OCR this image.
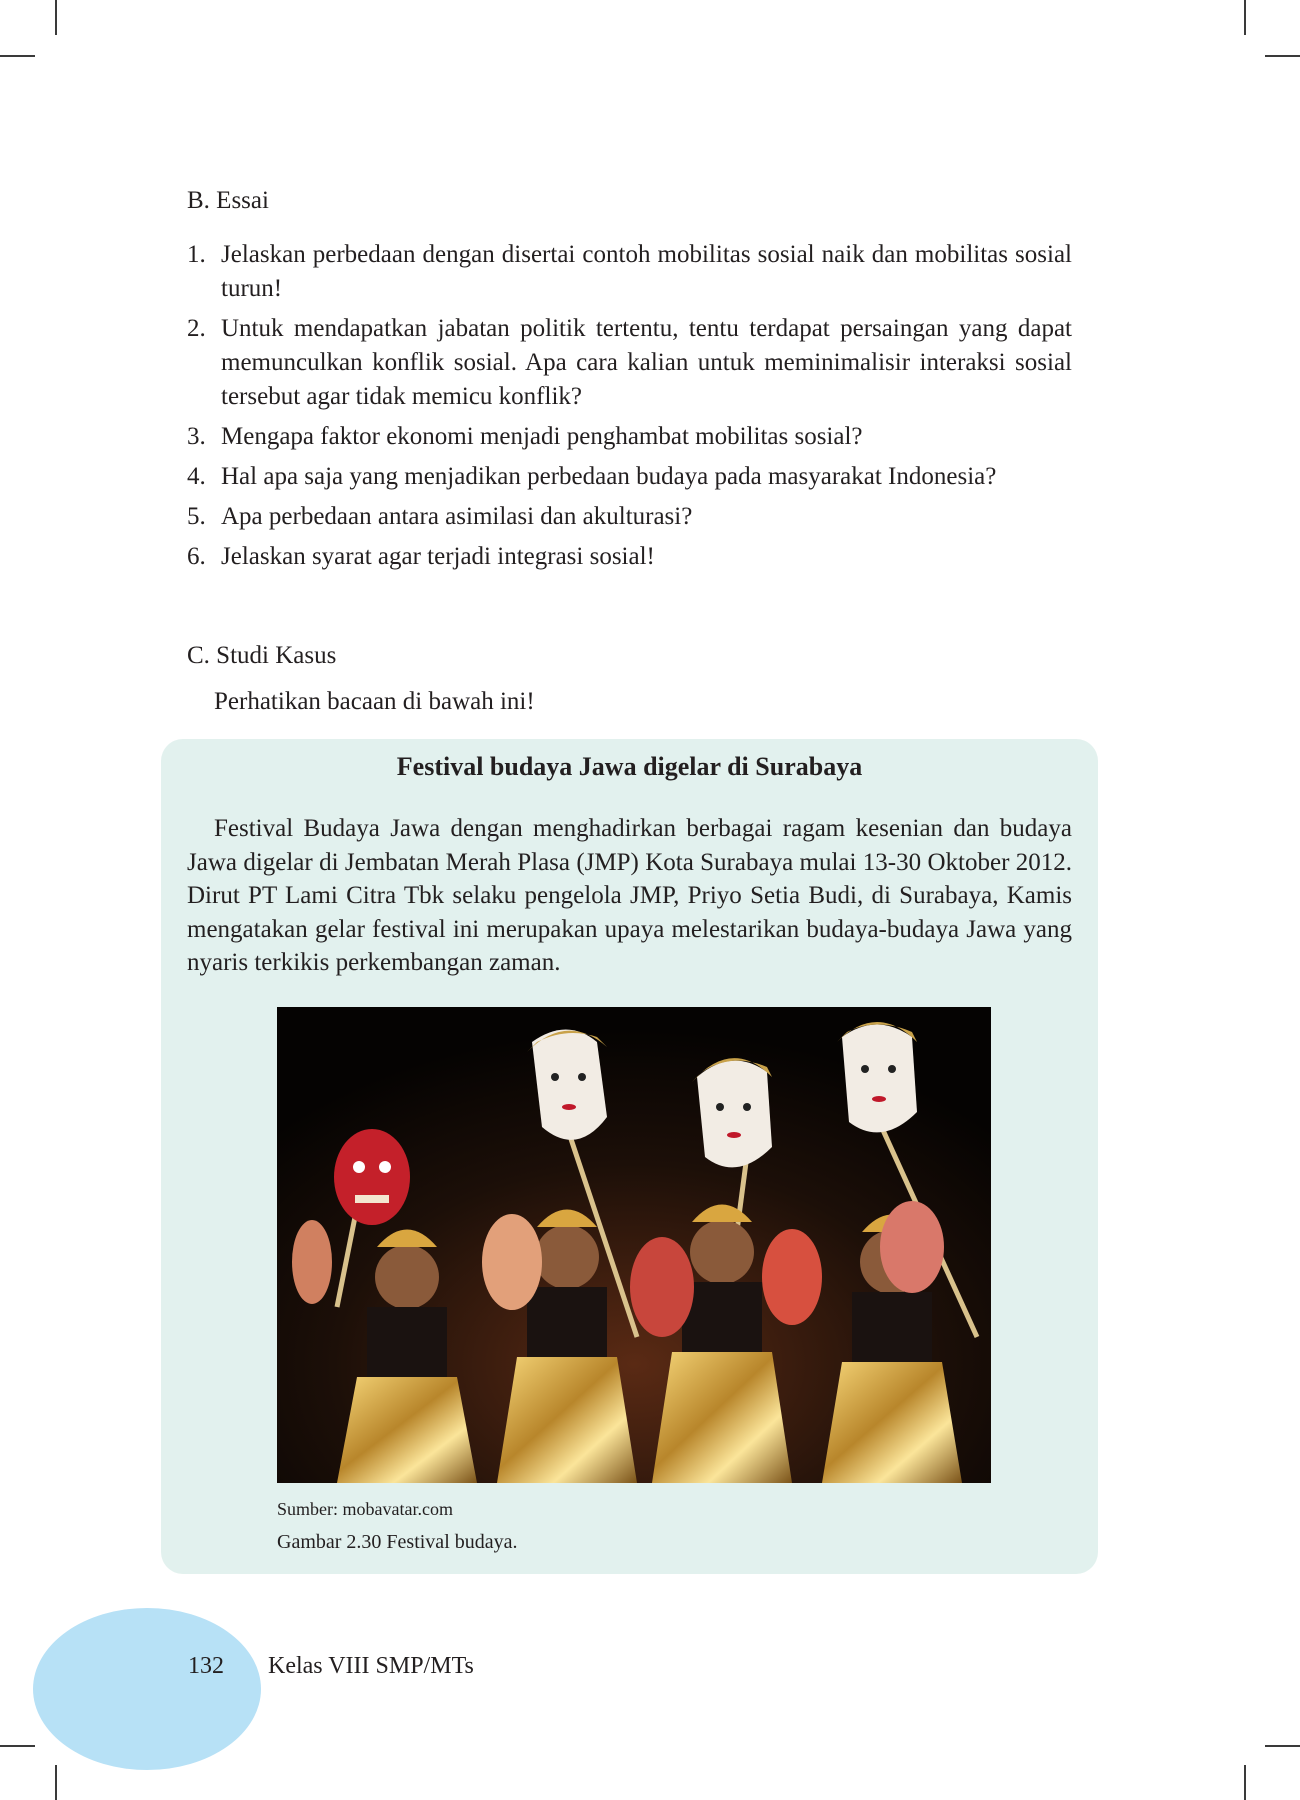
B. Essai
1. Jelaskan perbedaan dengan disertai contoh mobilitas sosial naik dan mobilitas sosial turun!
2. Untuk mendapatkan jabatan politik tertentu, tentu terdapat persaingan yang dapat memunculkan konflik sosial. Apa cara kalian untuk meminimalisir interaksi sosial tersebut agar tidak memicu konflik?
3. Mengapa faktor ekonomi menjadi penghambat mobilitas sosial?
4. Hal apa saja yang menjadikan perbedaan budaya pada masyarakat Indonesia?
5. Apa perbedaan antara asimilasi dan akulturasi?
6. Jelaskan syarat agar terjadi integrasi sosial!
C. Studi Kasus

Perhatikan bacaan di bawah ini!

Festival budaya Jawa digelar di Surabaya

Festival Budaya Jawa dengan menghadirkan berbagai ragam kesenian dan budaya Jawa digelar di Jembatan Merah Plasa (JMP) Kota Surabaya mulai 13-30 Oktober 2012. Dirut PT Lami Citra Tbk selaku pengelola JMP, Priyo Setia Budi, di Surabaya, Kamis mengatakan gelar festival ini merupakan upaya melestarikan budaya-budaya Jawa yang nyaris terkikis perkembangan zaman.

Sumber: mobavatar.com

Gambar 2.30 Festival budaya.

132 Kelas VIII SMP/MTs
